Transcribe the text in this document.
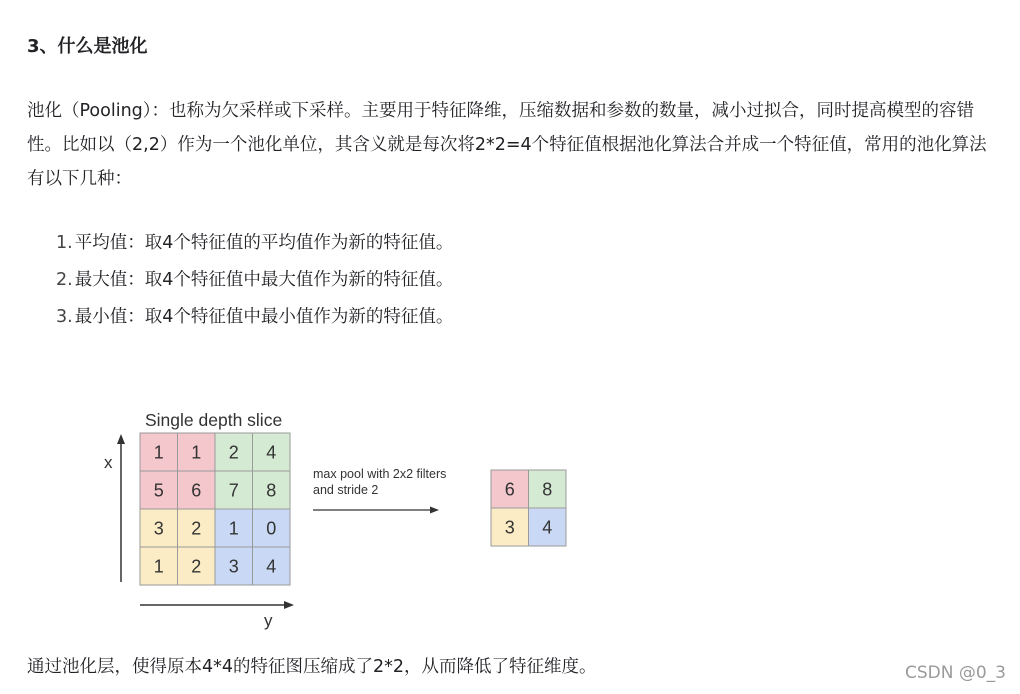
3、什么是池化

池化（Pooling）：也称为欠采样或下采样。主要用于特征降维，压缩数据和参数的数量，减小过拟合，同时提高模型的容错性。比如以（2,2）作为一个池化单位，其含义就是每次将2*2=4个特征值根据池化算法合并成一个特征值，常用的池化算法有以下几种：

1. 平均值：取4个特征值的平均值作为新的特征值。
2. 最大值：取4个特征值中最大值作为新的特征值。
3. 最小值：取4个特征值中最小值作为新的特征值。
Single depth slice
x
y
1 1 2 4
5 6 7 8
3 2 1 0
1 2 3 4
max pool with 2x2 filters
and stride 2	6 8
3 4

通过池化层，使得原本4*4的特征图压缩成了2*2，从而降低了特征维度。	CSDN @0_3
